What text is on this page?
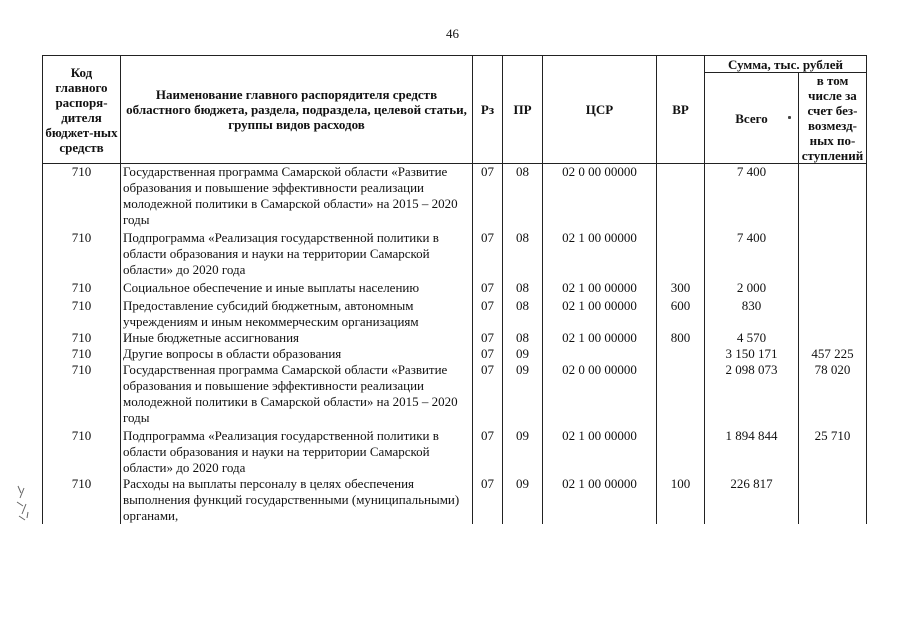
46
Код главного распоря-дителя бюджет-ных средств	Наименование главного распорядителя средств областного бюджета, раздела, подраздела, целевой статьи, группы видов расходов	Рз	ПР	ЦСР	ВР	Сумма, тыс. рублей	
						Всего	в том числе за счет без-возмезд-ных по-ступлений
710	Государственная программа Самарской области «Развитие образования и повышение эффективности реализации молодежной политики в Самарской области» на 2015 – 2020 годы	07	08	02 0 00 00000		7 400	

710	Подпрограмма «Реализация государственной политики в области образования и науки на территории Самарской области» до 2020 года	07	08	02 1 00 00000		7 400	

710	Социальное обеспечение и иные выплаты населению	07	08	02 1 00 00000	300	2 000	

710	Предоставление субсидий бюджетным, автономным учреждениям и иным некоммерческим организациям	07	08	02 1 00 00000	600	830	
710	Иные бюджетные ассигнования	07	08	02 1 00 00000	800	4 570	
710	Другие вопросы в области образования	07	09			3 150 171	457 225
710	Государственная программа Самарской области «Развитие образования и повышение эффективности реализации молодежной политики в Самарской области» на 2015 – 2020 годы	07	09	02 0 00 00000		2 098 073	78 020

710	Подпрограмма «Реализация государственной политики в области образования и науки на территории Самарской области» до 2020 года	07	09	02 1 00 00000		1 894 844	25 710
710	Расходы на выплаты персоналу в целях обеспечения выполнения функций государственными (муниципальными) органами,	07	09	02 1 00 00000	100	226 817	
